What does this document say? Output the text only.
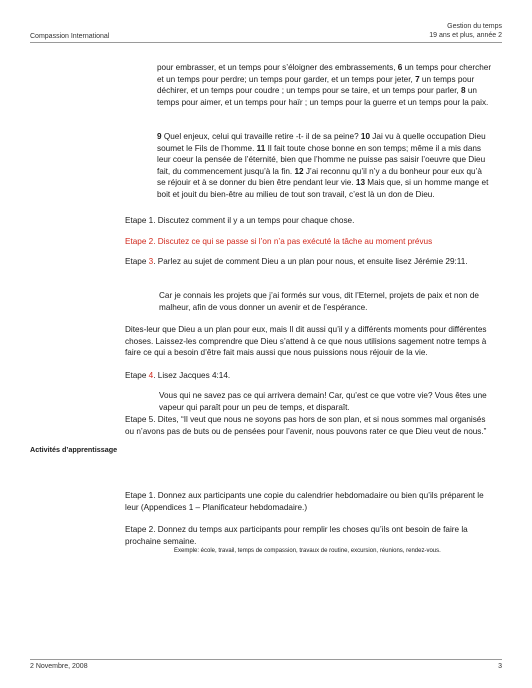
Compassion International
Gestion du temps
19 ans et plus, année 2

pour embrasser, et un temps pour s’éloigner des embrassements, 6 un temps pour chercher et un temps pour perdre; un temps pour garder, et un temps pour jeter, 7 un temps pour déchirer, et un temps pour coudre ; un temps pour se taire, et un temps pour parler, 8 un temps pour aimer, et un temps pour haïr ; un temps pour la guerre et un temps pour la paix.

9 Quel enjeux, celui qui travaille retire -t- il de sa peine? 10 Jai vu à quelle occupation Dieu soumet le Fils de l’homme. 11 Il fait toute chose bonne en son temps; même il a mis dans leur coeur la pensée de l’éternité, bien que l’homme ne puisse pas saisir l’oeuvre que Dieu fait, du commencement jusqu’à la fin. 12 J’ai reconnu qu’il n’y a du bonheur pour eux qu’à se réjouir et à se donner du bien être pendant leur vie. 13 Mais que, si un homme mange et boit et jouit du bien-être au milieu de tout son travail, c’est là un don de Dieu.

Etape 1. Discutez comment il y a un temps pour chaque chose.

Etape 2. Discutez ce qui se passe si l’on n’a pas exécuté la tâche au moment prévus

Etape 3. Parlez au sujet de comment Dieu a un plan pour nous, et ensuite lisez Jérémie 29:11.

Car je connais les projets que j’ai formés sur vous, dit l’Eternel, projets de paix et non de malheur, afin de vous donner un avenir et de l’espérance.

Dites-leur que Dieu a un plan pour eux, mais Il dit aussi qu’il y a différents moments pour différentes choses. Laissez-les comprendre que Dieu s’attend à ce que nous utilisions sagement notre temps à faire ce qui a besoin d’être fait mais aussi que nous puissions nous réjouir de la vie.

Etape 4. Lisez Jacques 4:14.

Vous qui ne savez pas ce qui arrivera demain! Car, qu’est ce que votre vie? Vous êtes une vapeur qui paraît pour un peu de temps, et disparaît.

Etape 5. Dites, “Il veut que nous ne soyons pas hors de son plan, et si nous sommes mal organisés ou n’avons pas de buts ou de pensées pour l’avenir, nous pouvons rater ce que Dieu veut de nous.”

Activités d’apprentissage

Etape 1. Donnez aux participants une copie du calendrier hebdomadaire ou bien qu’ils préparent le leur (Appendices 1 – Planificateur hebdomadaire.)

Etape 2. Donnez du temps aux participants pour remplir les choses qu’ils ont besoin de faire la prochaine semaine.

Exemple: école, travail, temps de compassion, travaux de routine, excursion, réunions, rendez-vous.
2 Novembre, 2008	3
